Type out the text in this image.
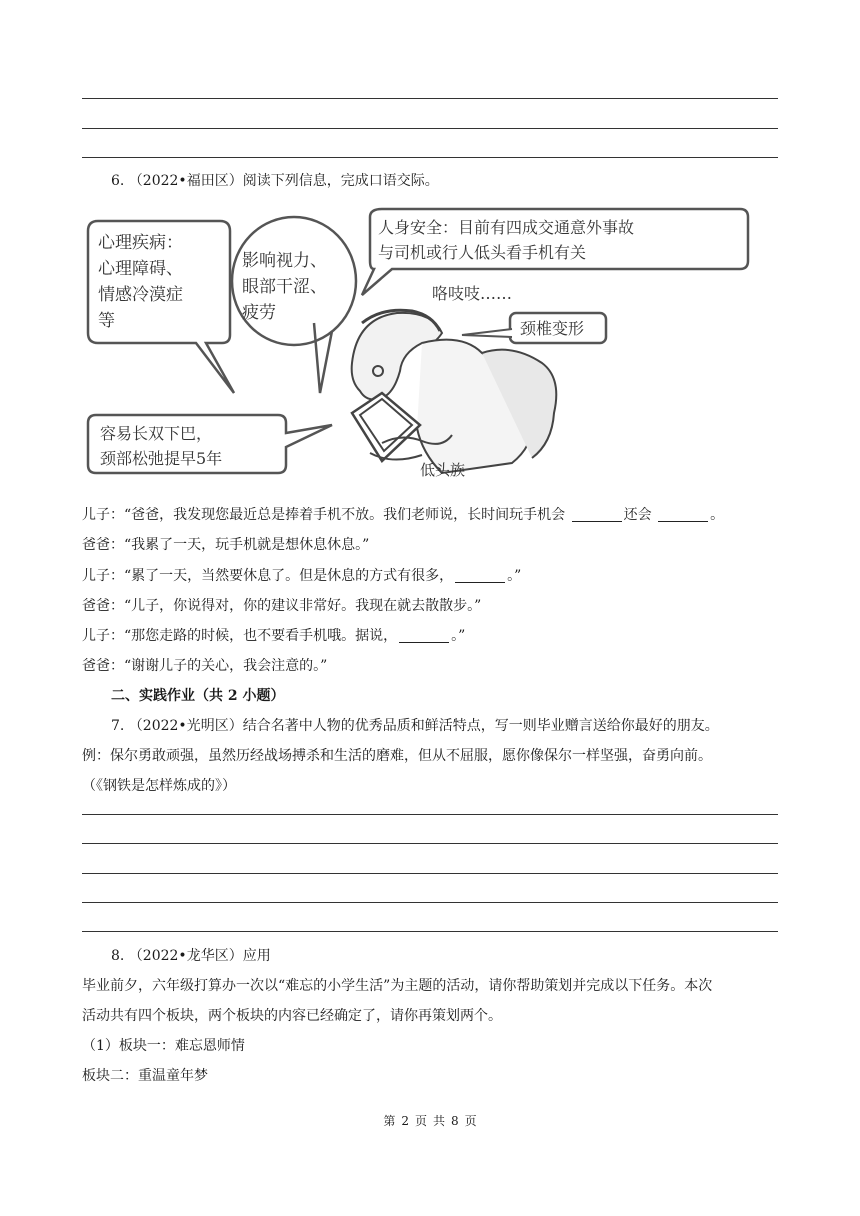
6. （2022•福田区）阅读下列信息，完成口语交际。
心理疾病：
心理障碍、
情感冷漠症
等
影响视力、
眼部干涩、
疲劳
人身安全：目前有四成交通意外事故
与司机或行人低头看手机有关
咯吱吱……
颈椎变形
容易长双下巴，
颈部松弛提早5年
低头族
儿子：“爸爸，我发现您最近总是捧着手机不放。我们老师说，长时间玩手机会	还会	。
爸爸：“我累了一天，玩手机就是想休息休息。”
儿子：“累了一天，当然要休息了。但是休息的方式有很多，	。”
爸爸：“儿子，你说得对，你的建议非常好。我现在就去散散步。”
儿子：“那您走路的时候，也不要看手机哦。据说，	。”
爸爸：“谢谢儿子的关心，我会注意的。”
二、实践作业（共 2 小题）
7. （2022•光明区）结合名著中人物的优秀品质和鲜活特点，写一则毕业赠言送给你最好的朋友。
例：保尔勇敢顽强，虽然历经战场搏杀和生活的磨难，但从不屈服，愿你像保尔一样坚强，奋勇向前。
（《钢铁是怎样炼成的》）
8. （2022•龙华区）应用
毕业前夕，六年级打算办一次以“难忘的小学生活”为主题的活动，请你帮助策划并完成以下任务。本次
活动共有四个板块，两个板块的内容已经确定了，请你再策划两个。
（1）板块一：难忘恩师情
板块二：重温童年梦
第 2 页 共 8 页
